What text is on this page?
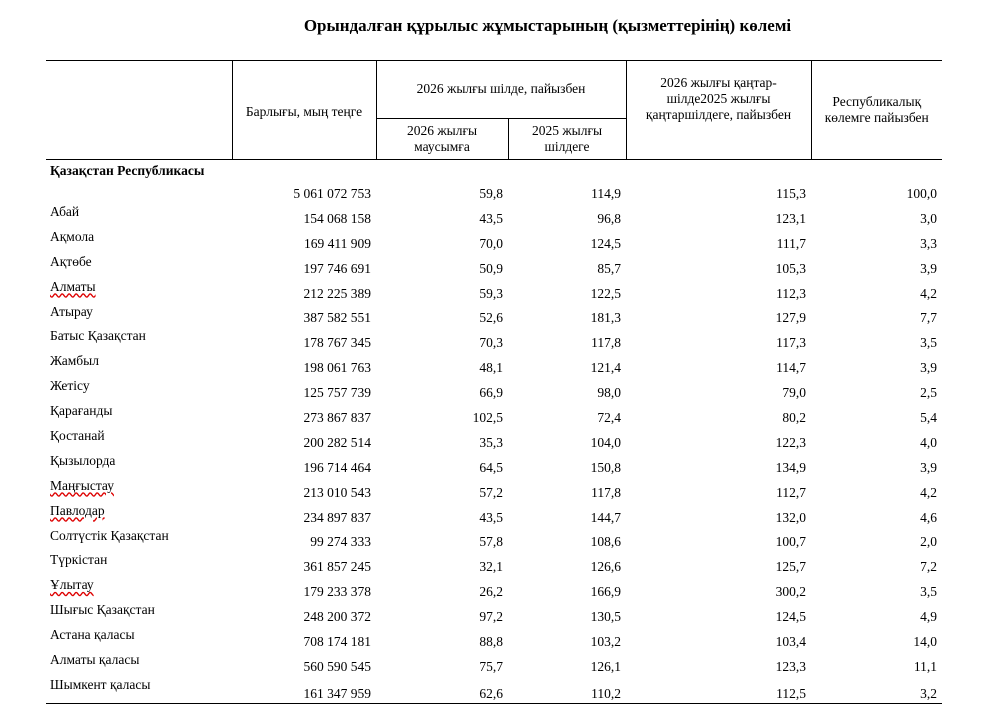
Орындалған құрылыс жұмыстарының (қызметтерінің) көлемі
	Барлығы, мың теңге	2026 жылғы шілде, пайызбен		2026 жылғы қаңтар-шілде2025 жылғы қаңтаршілдеге, пайызбен	Республикалық көлемге пайызбен
		2026 жылғы маусымға	2025 жылғы шілдеге		
Қазақстан Республикасы	5 061 072 753	59,8	114,9	115,3	100,0
Абай	154 068 158	43,5	96,8	123,1	3,0
Ақмола	169 411 909	70,0	124,5	111,7	3,3
Ақтөбе	197 746 691	50,9	85,7	105,3	3,9
Алматы	212 225 389	59,3	122,5	112,3	4,2
Атырау	387 582 551	52,6	181,3	127,9	7,7
Батыс Қазақстан	178 767 345	70,3	117,8	117,3	3,5
Жамбыл	198 061 763	48,1	121,4	114,7	3,9
Жетісу	125 757 739	66,9	98,0	79,0	2,5
Қарағанды	273 867 837	102,5	72,4	80,2	5,4
Қостанай	200 282 514	35,3	104,0	122,3	4,0
Қызылорда	196 714 464	64,5	150,8	134,9	3,9
Маңғыстау	213 010 543	57,2	117,8	112,7	4,2
Павлодар	234 897 837	43,5	144,7	132,0	4,6
Солтүстік Қазақстан	99 274 333	57,8	108,6	100,7	2,0
Түркістан	361 857 245	32,1	126,6	125,7	7,2
Ұлытау	179 233 378	26,2	166,9	300,2	3,5
Шығыс Қазақстан	248 200 372	97,2	130,5	124,5	4,9
Астана қаласы	708 174 181	88,8	103,2	103,4	14,0
Алматы қаласы	560 590 545	75,7	126,1	123,3	11,1
Шымкент қаласы	161 347 959	62,6	110,2	112,5	3,2
